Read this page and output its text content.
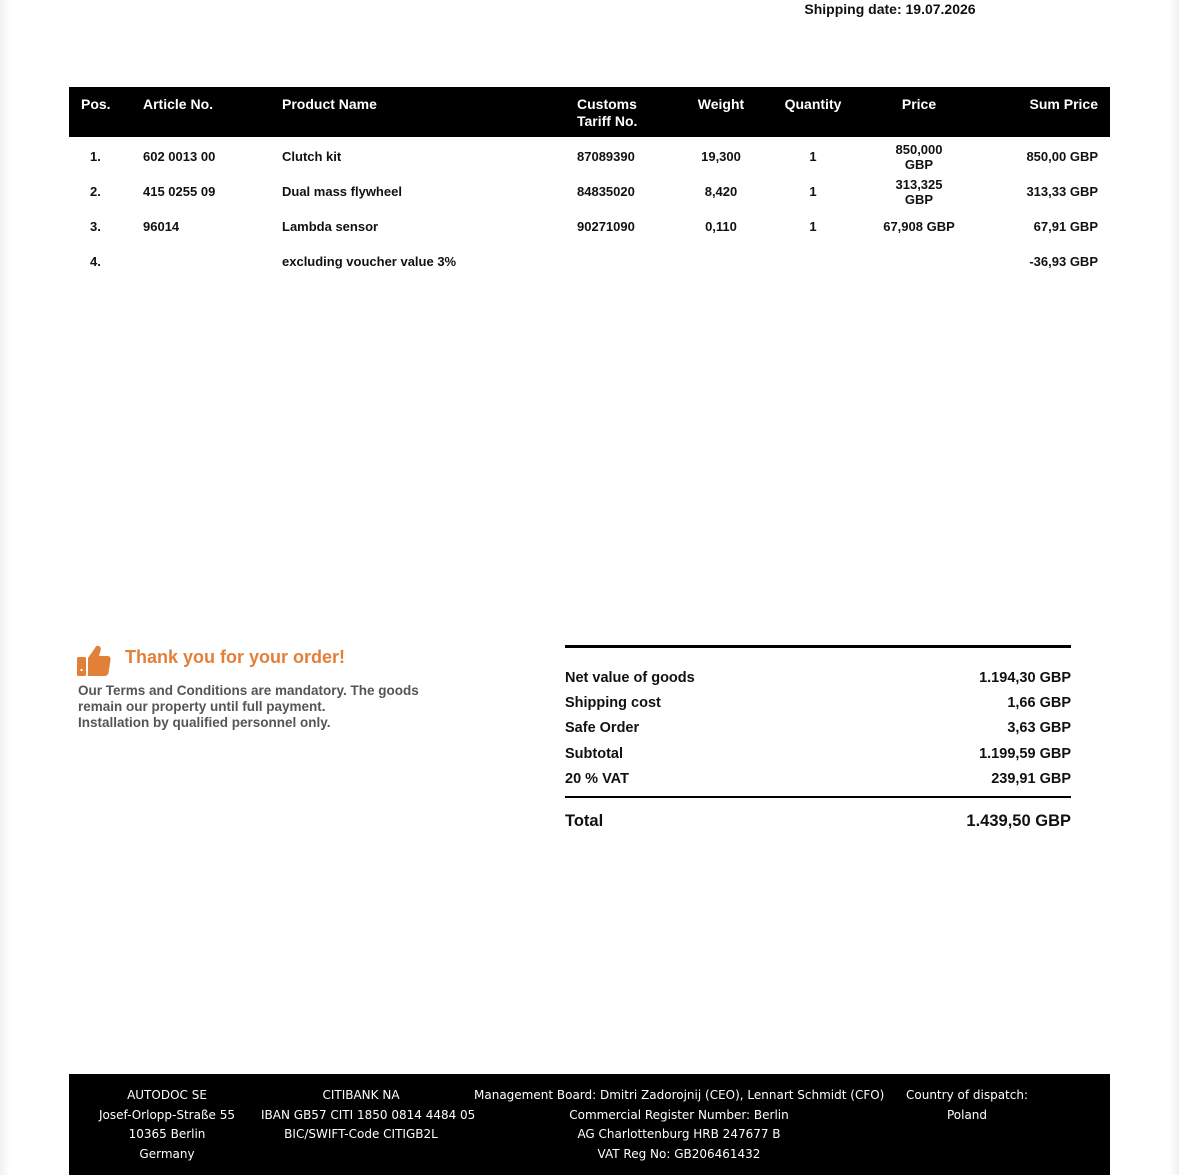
Shipping date: 19.07.2026
Pos.	Article No.	Product Name	Customs Tariff No.	Weight	Quantity	Price	Sum Price
1.	602 0013 00	Clutch kit	87089390	19,300	1	850,000 GBP	850,00 GBP
2.	415 0255 09	Dual mass flywheel	84835020	8,420	1	313,325 GBP	313,33 GBP
3.	96014	Lambda sensor	90271090	0,110	1	67,908 GBP	67,91 GBP
4.		excluding voucher value 3%					-36,93 GBP
Thank you for your order!
Our Terms and Conditions are mandatory. The goods
remain our property until full payment.
Installation by qualified personnel only.
Net value of goods	1.194,30 GBP
Shipping cost	1,66 GBP
Safe Order	3,63 GBP
Subtotal	1.199,59 GBP
20 % VAT	239,91 GBP
Total	1.439,50 GBP
AUTODOC SE
Josef-Orlopp-Straße 55
10365 Berlin
Germany
CITIBANK NA
IBAN GB57 CITI 1850 0814 4484 05
BIC/SWIFT-Code CITIGB2L
Management Board: Dmitri Zadorojnij (CEO), Lennart Schmidt (CFO)
Commercial Register Number: Berlin
AG Charlottenburg HRB 247677 B
VAT Reg No: GB206461432
Country of dispatch:
Poland
